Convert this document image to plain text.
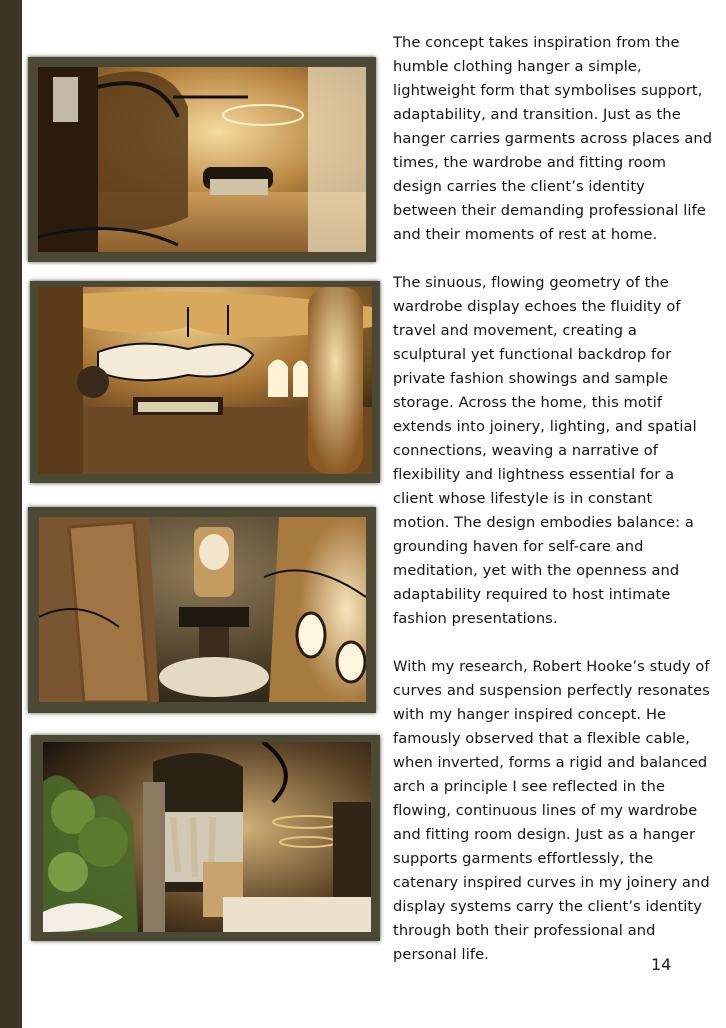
The concept takes inspiration from the humble clothing hanger a simple, lightweight form that symbolises support, adaptability, and transition. Just as the hanger carries garments across places and times, the wardrobe and fitting room design carries the client’s identity between their demanding professional life and their moments of rest at home.

The sinuous, flowing geometry of the wardrobe display echoes the fluidity of travel and movement, creating a sculptural yet functional backdrop for private fashion showings and sample storage. Across the home, this motif extends into joinery, lighting, and spatial connections, weaving a narrative of flexibility and lightness essential for a client whose lifestyle is in constant motion. The design embodies balance: a grounding haven for self-care and meditation, yet with the openness and adaptability required to host intimate fashion presentations.

With my research, Robert Hooke’s study of curves and suspension perfectly resonates with my hanger inspired concept. He famously observed that a flexible cable, when inverted, forms a rigid and balanced arch a principle I see reflected in the flowing, continuous lines of my wardrobe and fitting room design. Just as a hanger supports garments effortlessly, the catenary inspired curves in my joinery and display systems carry the client’s identity through both their professional and personal life.

14
